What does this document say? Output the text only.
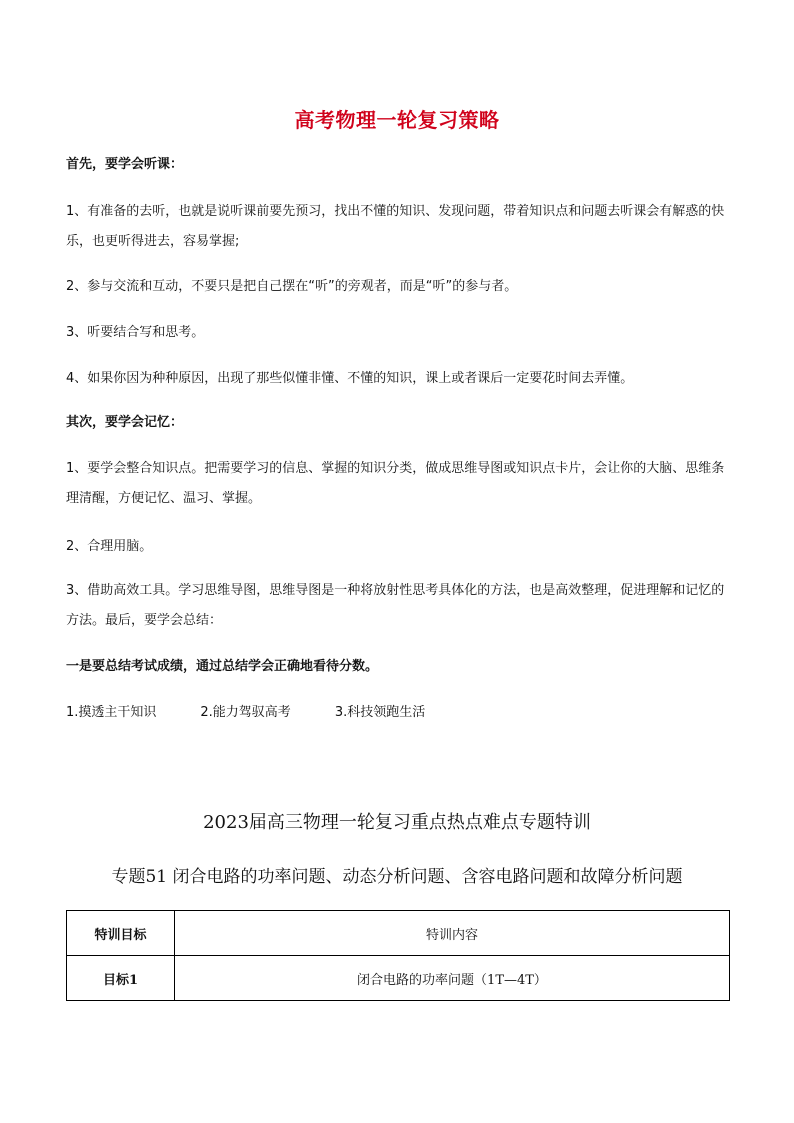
高考物理一轮复习策略
首先，要学会听课：
1、有准备的去听，也就是说听课前要先预习，找出不懂的知识、发现问题，带着知识点和问题去听课会有解惑的快乐，也更听得进去，容易掌握;
2、参与交流和互动，不要只是把自己摆在“听”的旁观者，而是“听”的参与者。
3、听要结合写和思考。
4、如果你因为种种原因，出现了那些似懂非懂、不懂的知识，课上或者课后一定要花时间去弄懂。
其次，要学会记忆：
1、要学会整合知识点。把需要学习的信息、掌握的知识分类，做成思维导图或知识点卡片，会让你的大脑、思维条理清醒，方便记忆、温习、掌握。
2、合理用脑。
3、借助高效工具。学习思维导图，思维导图是一种将放射性思考具体化的方法，也是高效整理，促进理解和记忆的方法。最后，要学会总结：
一是要总结考试成绩，通过总结学会正确地看待分数。
1.摸透主干知识	2.能力驾驭高考	3.科技领跑生活
2023届高三物理一轮复习重点热点难点专题特训
专题51 闭合电路的功率问题、动态分析问题、含容电路问题和故障分析问题
特训目标	特训内容
目标1	闭合电路的功率问题（1T—4T）
